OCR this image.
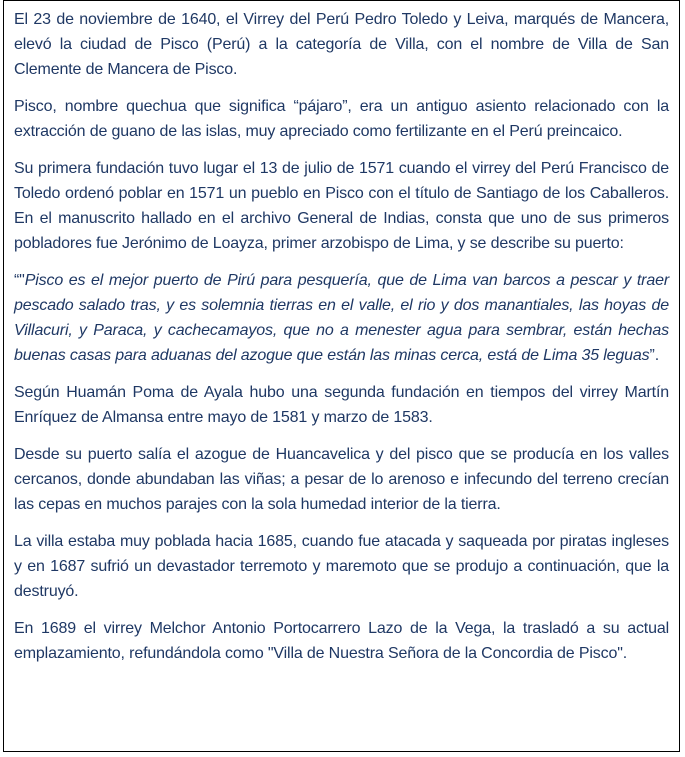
El 23 de noviembre de 1640, el Virrey del Perú Pedro Toledo y Leiva, marqués de Mancera, elevó la ciudad de Pisco (Perú) a la categoría de Villa, con el nombre de Villa de San Clemente de Mancera de Pisco.

Pisco, nombre quechua que significa “pájaro”, era un antiguo asiento relacionado con la extracción de guano de las islas, muy apreciado como fertilizante en el Perú preincaico.

Su primera fundación tuvo lugar el 13 de julio de 1571 cuando el virrey del Perú Francisco de Toledo ordenó poblar en 1571 un pueblo en Pisco con el título de Santiago de los Caballeros. En el manuscrito hallado en el archivo General de Indias, consta que uno de sus primeros pobladores fue Jerónimo de Loayza, primer arzobispo de Lima, y se describe su puerto:

“"Pisco es el mejor puerto de Pirú para pesquería, que de Lima van barcos a pescar y traer pescado salado tras, y es solemnia tierras en el valle, el rio y dos manantiales, las hoyas de Villacuri, y Paraca, y cachecamayos, que no a menester agua para sembrar, están hechas buenas casas para aduanas del azogue que están las minas cerca, está de Lima 35 leguas”.

Según Huamán Poma de Ayala hubo una segunda fundación en tiempos del virrey Martín Enríquez de Almansa entre mayo de 1581 y marzo de 1583.

Desde su puerto salía el azogue de Huancavelica y del pisco que se producía en los valles cercanos, donde abundaban las viñas; a pesar de lo arenoso e infecundo del terreno crecían las cepas en muchos parajes con la sola humedad interior de la tierra.

La villa estaba muy poblada hacia 1685, cuando fue atacada y saqueada por piratas ingleses y en 1687 sufrió un devastador terremoto y maremoto que se produjo a continuación, que la destruyó.

En 1689 el virrey Melchor Antonio Portocarrero Lazo de la Vega, la trasladó a su actual emplazamiento, refundándola como "Villa de Nuestra Señora de la Concordia de Pisco".
